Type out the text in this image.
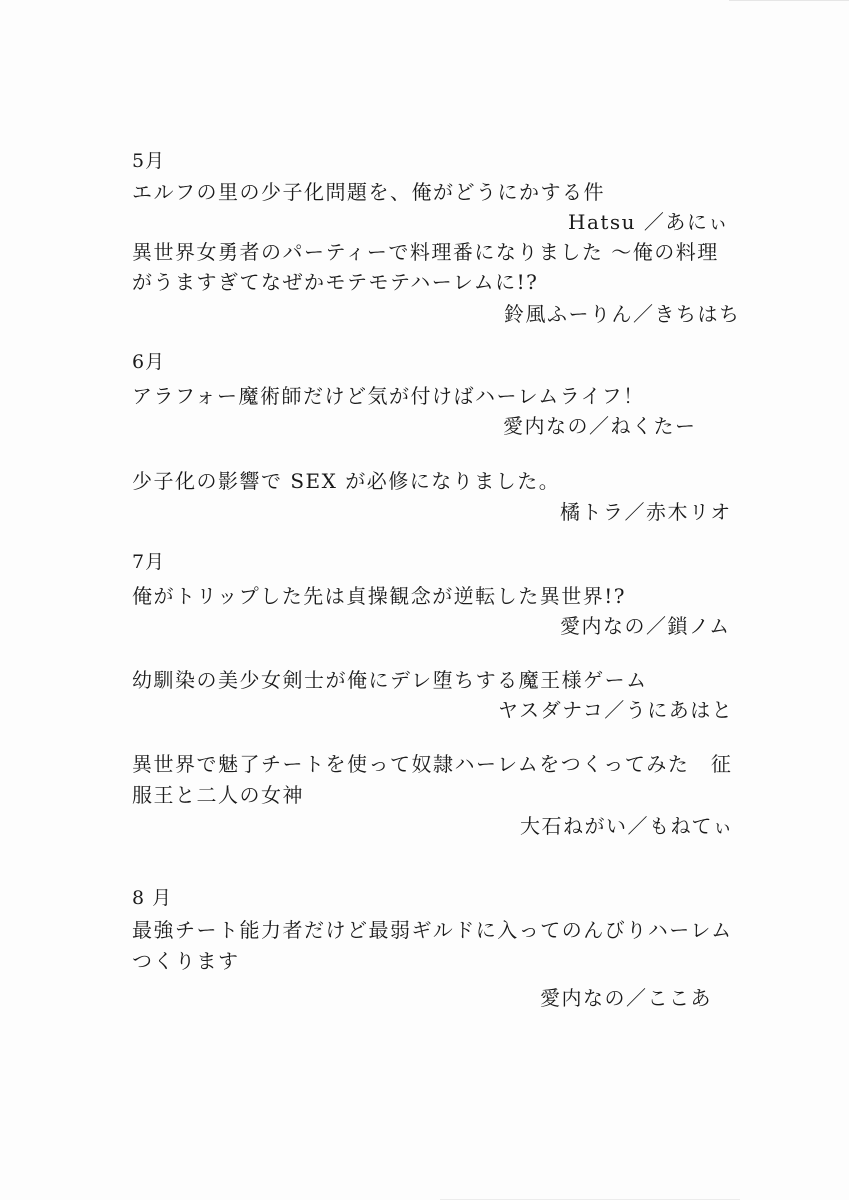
5月
エルフの里の少子化問題を、俺がどうにかする件
Hatsu ／あにぃ
異世界女勇者のパーティーで料理番になりました ～俺の料理
がうますぎてなぜかモテモテハーレムに!?
鈴風ふーりん／きちはち
6月
アラフォー魔術師だけど気が付けばハーレムライフ！
愛内なの／ねくたー
少子化の影響で SEX が必修になりました。
橘トラ／赤木リオ
7月
俺がトリップした先は貞操観念が逆転した異世界!?
愛内なの／鎖ノム
幼馴染の美少女剣士が俺にデレ堕ちする魔王様ゲーム
ヤスダナコ／うにあはと
異世界で魅了チートを使って奴隷ハーレムをつくってみた　征
服王と二人の女神
大石ねがい／もねてぃ
8 月
最強チート能力者だけど最弱ギルドに入ってのんびりハーレム
つくります
愛内なの／ここあ
